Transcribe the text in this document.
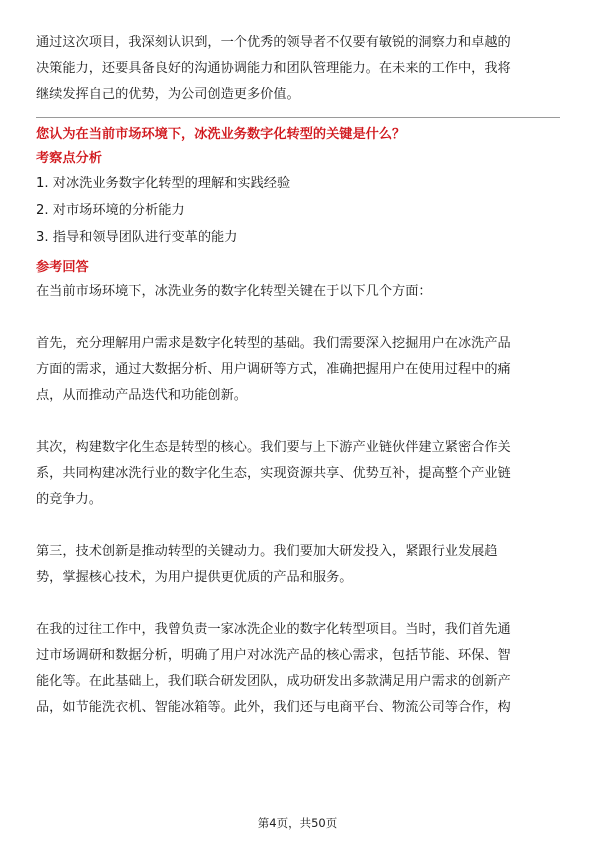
通过这次项目，我深刻认识到，一个优秀的领导者不仅要有敏锐的洞察力和卓越的

决策能力，还要具备良好的沟通协调能力和团队管理能力。在未来的工作中，我将

继续发挥自己的优势，为公司创造更多价值。

您认为在当前市场环境下，冰洗业务数字化转型的关键是什么？
考察点分析
1. 对冰洗业务数字化转型的理解和实践经验
2. 对市场环境的分析能力
3. 指导和领导团队进行变革的能力
参考回答

在当前市场环境下，冰洗业务的数字化转型关键在于以下几个方面：

首先，充分理解用户需求是数字化转型的基础。我们需要深入挖掘用户在冰洗产品

方面的需求，通过大数据分析、用户调研等方式，准确把握用户在使用过程中的痛

点，从而推动产品迭代和功能创新。

其次，构建数字化生态是转型的核心。我们要与上下游产业链伙伴建立紧密合作关

系，共同构建冰洗行业的数字化生态，实现资源共享、优势互补，提高整个产业链

的竞争力。

第三，技术创新是推动转型的关键动力。我们要加大研发投入，紧跟行业发展趋

势，掌握核心技术，为用户提供更优质的产品和服务。

在我的过往工作中，我曾负责一家冰洗企业的数字化转型项目。当时，我们首先通

过市场调研和数据分析，明确了用户对冰洗产品的核心需求，包括节能、环保、智

能化等。在此基础上，我们联合研发团队，成功研发出多款满足用户需求的创新产

品，如节能洗衣机、智能冰箱等。此外，我们还与电商平台、物流公司等合作，构

第4页，共50页
